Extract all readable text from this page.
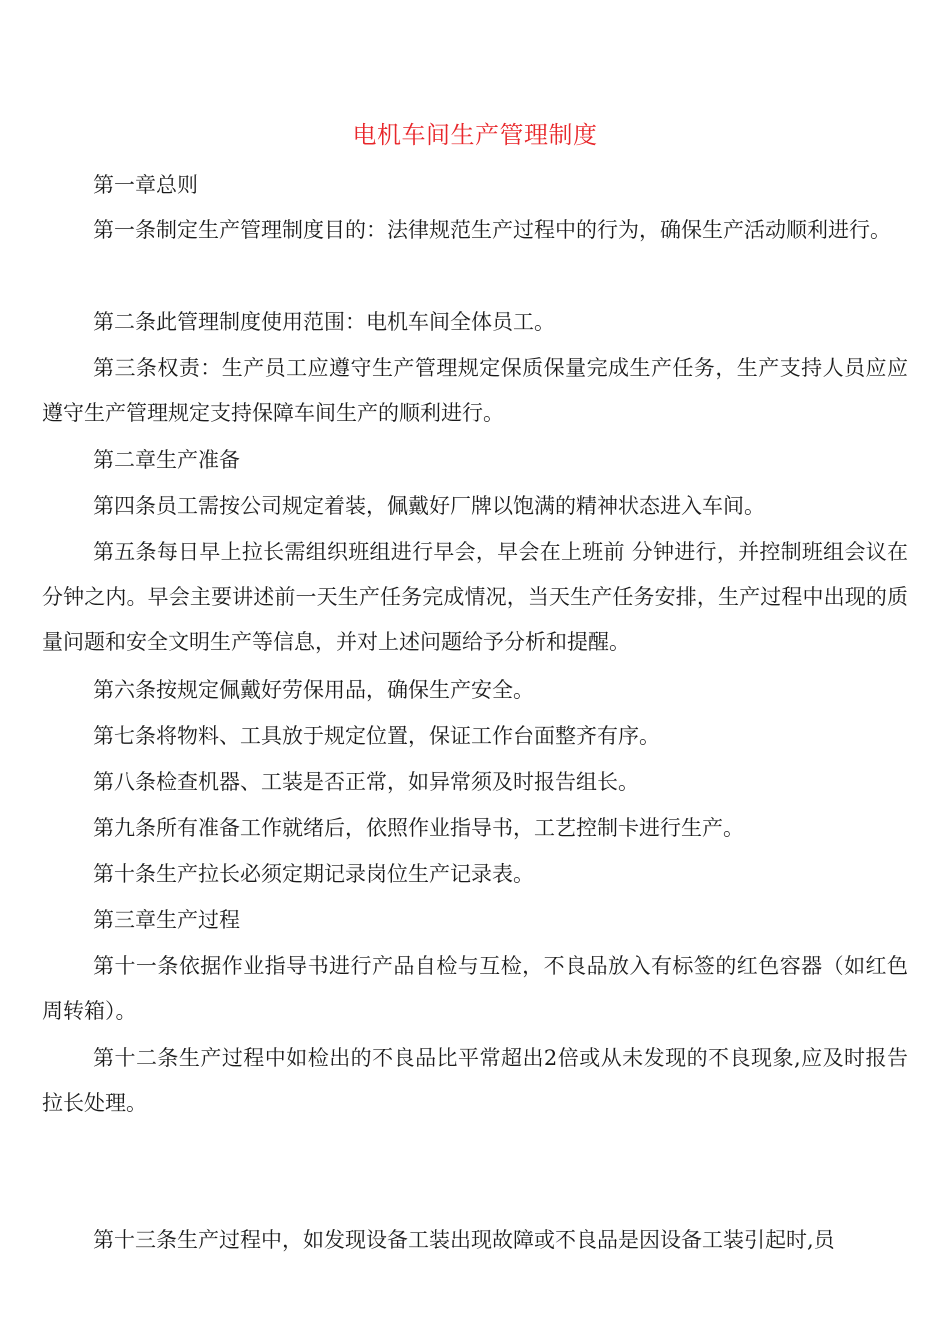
电机车间生产管理制度

第一章总则

第一条制定生产管理制度目的：法律规范生产过程中的行为，确保生产活动顺利进行。

第二条此管理制度使用范围：电机车间全体员工。

第三条权责：生产员工应遵守生产管理规定保质保量完成生产任务，生产支持人员应应遵守生产管理规定支持保障车间生产的顺利进行。

第二章生产准备

第四条员工需按公司规定着装，佩戴好厂牌以饱满的精神状态进入车间。

第五条每日早上拉长需组织班组进行早会，早会在上班前 分钟进行，并控制班组会议在 分钟之内。早会主要讲述前一天生产任务完成情况，当天生产任务安排，生产过程中出现的质量问题和安全文明生产等信息，并对上述问题给予分析和提醒。

第六条按规定佩戴好劳保用品，确保生产安全。

第七条将物料、工具放于规定位置，保证工作台面整齐有序。

第八条检查机器、工装是否正常，如异常须及时报告组长。

第九条所有准备工作就绪后，依照作业指导书，工艺控制卡进行生产。

第十条生产拉长必须定期记录岗位生产记录表。

第三章生产过程

第十一条依据作业指导书进行产品自检与互检，不良品放入有标签的红色容器（如红色周转箱）。

第十二条生产过程中如检出的不良品比平常超出2倍或从未发现的不良现象,应及时报告拉长处理。

第十三条生产过程中，如发现设备工装出现故障或不良品是因设备工装引起时,员
